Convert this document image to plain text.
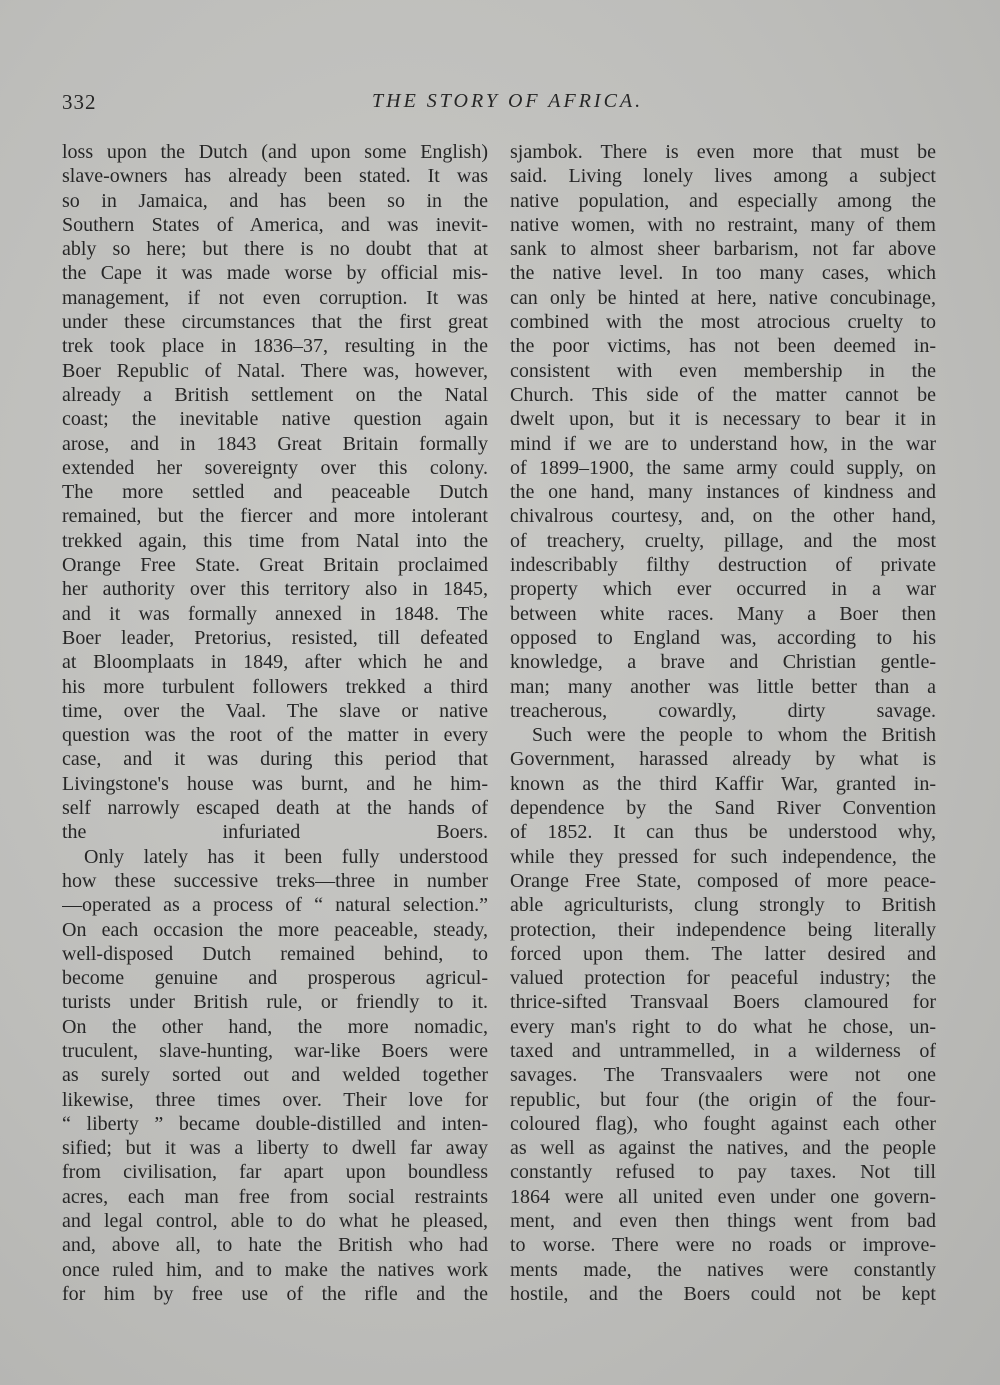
332	THE STORY OF AFRICA.
loss upon the Dutch (and upon some English)
slave-owners has already been stated. It was
so in Jamaica, and has been so in the
Southern States of America, and was inevit-
ably so here; but there is no doubt that at
the Cape it was made worse by official mis-
management, if not even corruption. It was
under these circumstances that the first great
trek took place in 1836–37, resulting in the
Boer Republic of Natal. There was, however,
already a British settlement on the Natal
coast; the inevitable native question again
arose, and in 1843 Great Britain formally
extended her sovereignty over this colony.
The more settled and peaceable Dutch
remained, but the fiercer and more intolerant
trekked again, this time from Natal into the
Orange Free State. Great Britain proclaimed
her authority over this territory also in 1845,
and it was formally annexed in 1848. The
Boer leader, Pretorius, resisted, till defeated
at Bloomplaats in 1849, after which he and
his more turbulent followers trekked a third
time, over the Vaal. The slave or native
question was the root of the matter in every
case, and it was during this period that
Livingstone's house was burnt, and he him-
self narrowly escaped death at the hands of
the infuriated Boers.
Only lately has it been fully understood
how these successive treks—three in number
—operated as a process of “ natural selection.”
On each occasion the more peaceable, steady,
well-disposed Dutch remained behind, to
become genuine and prosperous agricul-
turists under British rule, or friendly to it.
On the other hand, the more nomadic,
truculent, slave-hunting, war-like Boers were
as surely sorted out and welded together
likewise, three times over. Their love for
“ liberty ” became double-distilled and inten-
sified; but it was a liberty to dwell far away
from civilisation, far apart upon boundless
acres, each man free from social restraints
and legal control, able to do what he pleased,
and, above all, to hate the British who had
once ruled him, and to make the natives work
for him by free use of the rifle and the
sjambok. There is even more that must be
said. Living lonely lives among a subject
native population, and especially among the
native women, with no restraint, many of them
sank to almost sheer barbarism, not far above
the native level. In too many cases, which
can only be hinted at here, native concubinage,
combined with the most atrocious cruelty to
the poor victims, has not been deemed in-
consistent with even membership in the
Church. This side of the matter cannot be
dwelt upon, but it is necessary to bear it in
mind if we are to understand how, in the war
of 1899–1900, the same army could supply, on
the one hand, many instances of kindness and
chivalrous courtesy, and, on the other hand,
of treachery, cruelty, pillage, and the most
indescribably filthy destruction of private
property which ever occurred in a war
between white races. Many a Boer then
opposed to England was, according to his
knowledge, a brave and Christian gentle-
man; many another was little better than a
treacherous, cowardly, dirty savage.
Such were the people to whom the British
Government, harassed already by what is
known as the third Kaffir War, granted in-
dependence by the Sand River Convention
of 1852. It can thus be understood why,
while they pressed for such independence, the
Orange Free State, composed of more peace-
able agriculturists, clung strongly to British
protection, their independence being literally
forced upon them. The latter desired and
valued protection for peaceful industry; the
thrice-sifted Transvaal Boers clamoured for
every man's right to do what he chose, un-
taxed and untrammelled, in a wilderness of
savages. The Transvaalers were not one
republic, but four (the origin of the four-
coloured flag), who fought against each other
as well as against the natives, and the people
constantly refused to pay taxes. Not till
1864 were all united even under one govern-
ment, and even then things went from bad
to worse. There were no roads or improve-
ments made, the natives were constantly
hostile, and the Boers could not be kept
